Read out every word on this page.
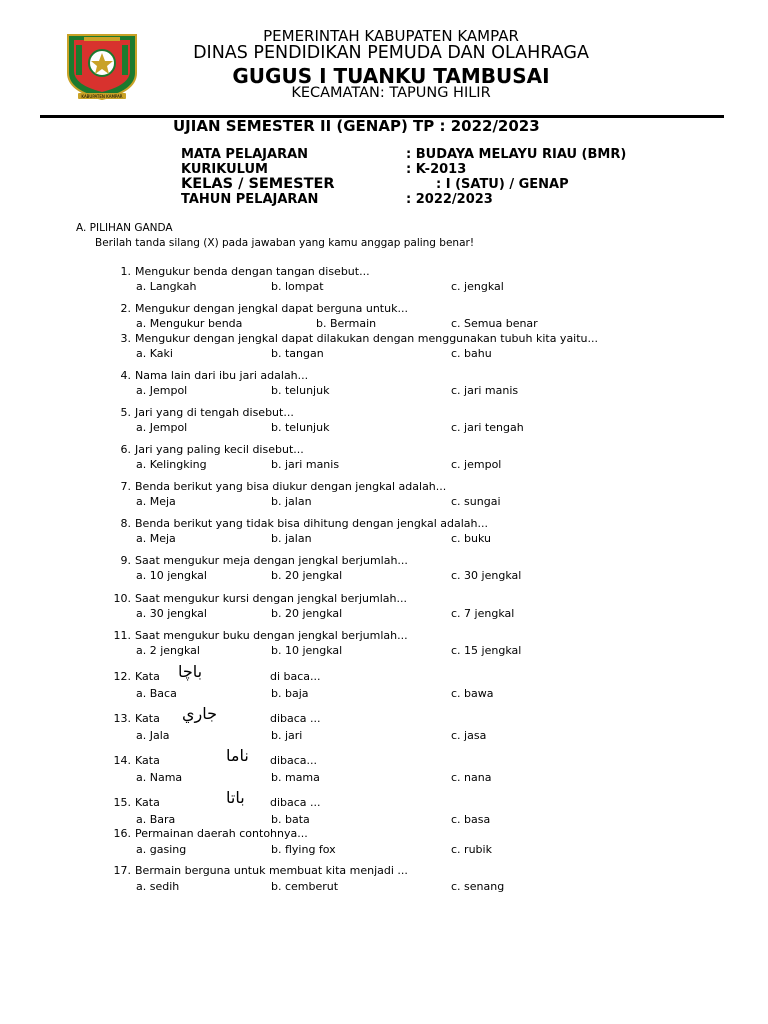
KABUPATEN KAMPAR
PEMERINTAH KABUPATEN KAMPAR
DINAS PENDIDIKAN PEMUDA DAN OLAHRAGA
GUGUS I TUANKU TAMBUSAI
KECAMATAN: TAPUNG HILIR
UJIAN SEMESTER II (GENAP) TP : 2022/2023
MATA PELAJARAN	: BUDAYA MELAYU RIAU (BMR)
KURIKULUM	: K-2013
KELAS / SEMESTER	: I (SATU) / GENAP
TAHUN PELAJARAN	: 2022/2023
A. PILIHAN GANDA
Berilah tanda silang (X) pada jawaban yang kamu anggap paling benar!
1. Mengukur benda dengan tangan disebut...
a. Langkah	b. lompat	c. jengkal
2. Mengukur dengan jengkal dapat berguna untuk...
a. Mengukur benda	b. Bermain	c. Semua benar
3. Mengukur dengan jengkal dapat dilakukan dengan menggunakan tubuh kita yaitu...
a. Kaki	b. tangan	c. bahu
4. Nama lain dari ibu jari adalah...
a. Jempol	b. telunjuk	c. jari manis
5. Jari yang di tengah disebut...
a. Jempol	b. telunjuk	c. jari tengah
6. Jari yang paling kecil disebut...
a. Kelingking	b. jari manis	c. jempol
7. Benda berikut yang bisa diukur dengan jengkal adalah...
a. Meja	b. jalan	c. sungai
8. Benda berikut yang tidak bisa dihitung dengan jengkal adalah...
a. Meja	b. jalan	c. buku
9. Saat mengukur meja dengan jengkal berjumlah...
a. 10 jengkal	b. 20 jengkal	c. 30 jengkal
10. Saat mengukur kursi dengan jengkal berjumlah...
a. 30 jengkal	b. 20 jengkal	c. 7 jengkal
11. Saat mengukur buku dengan jengkal berjumlah...
a. 2 jengkal	b. 10 jengkal	c. 15 jengkal
12. Kata باچا	di baca...
a. Baca	b. baja	c. bawa
13. Kata جاري	dibaca ...
a. Jala	b. jari	c. jasa
14. Kata	ناما dibaca...
a. Nama	b. mama	c. nana
15. Kata	باتا dibaca ...
a. Bara	b. bata	c. basa
16. Permainan daerah contohnya...
a. gasing	b. flying fox	c. rubik
17. Bermain berguna untuk membuat kita menjadi ...
a. sedih	b. cemberut	c. senang
